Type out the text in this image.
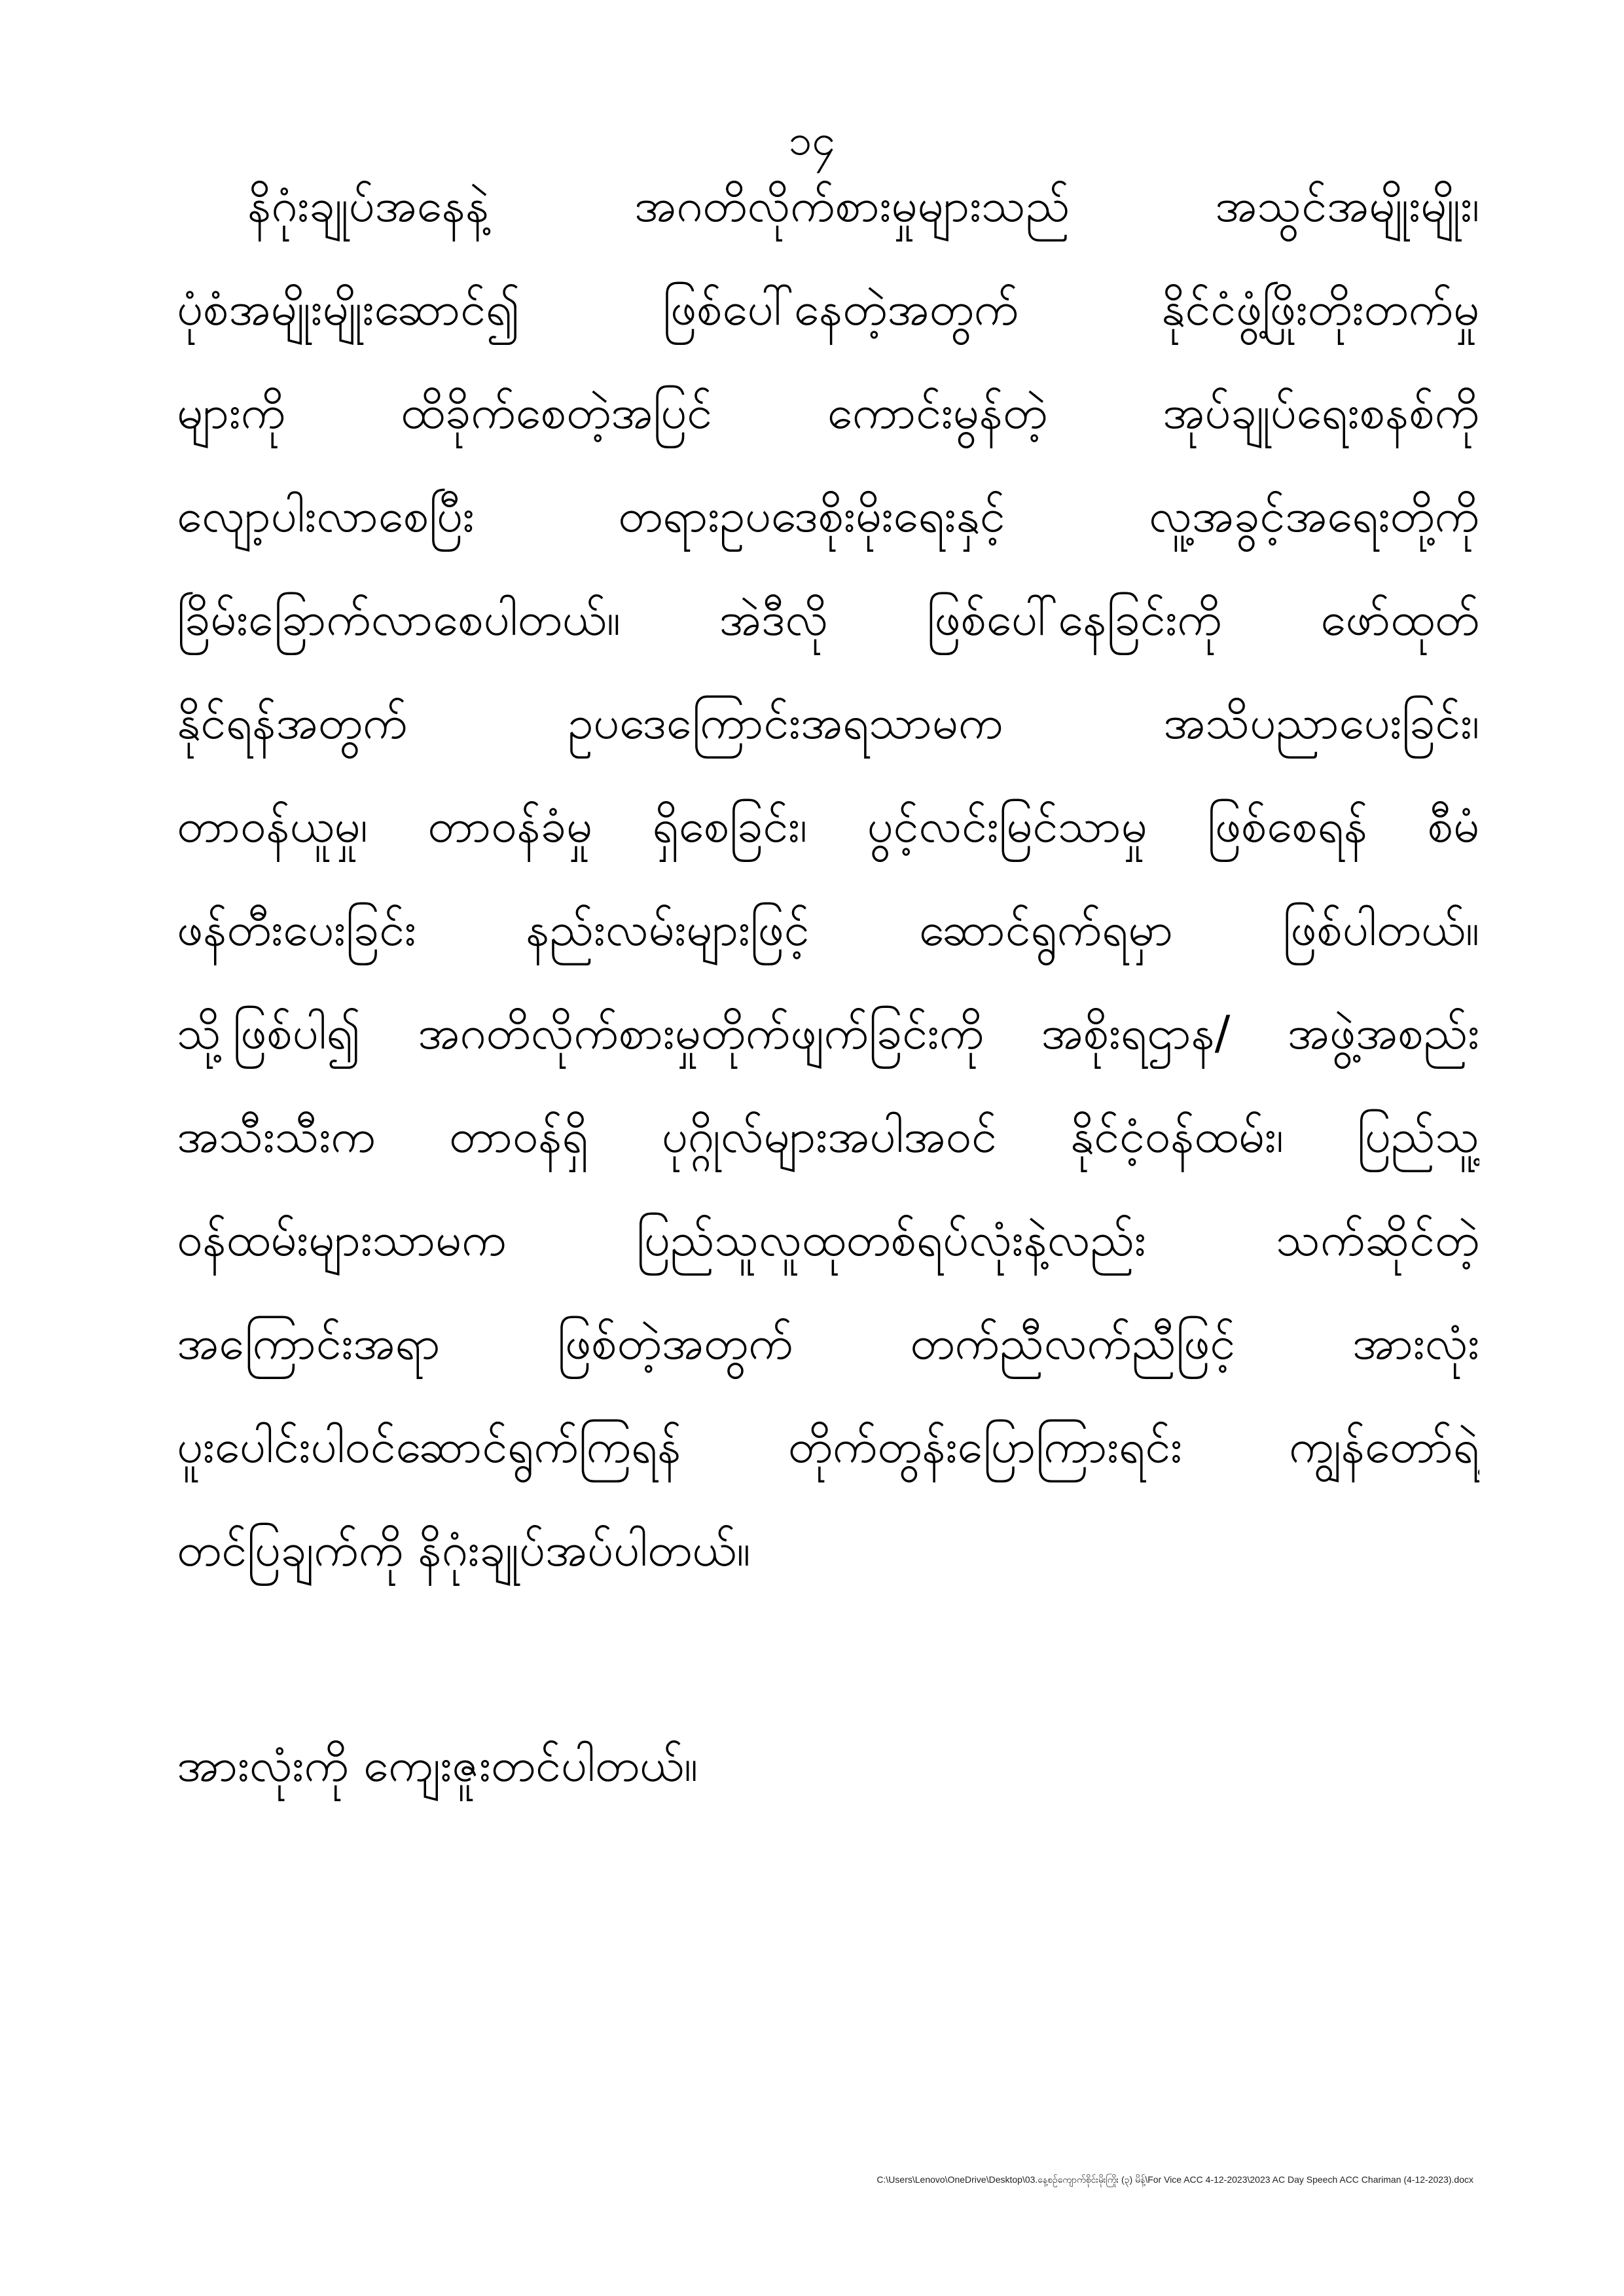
၁၄
နိဂုံးချုပ်အနေနဲ့ အဂတိလိုက်စားမှုများသည် အသွင်အမျိုးမျိုး၊
ပုံစံအမျိုးမျိုးဆောင်၍ ဖြစ်ပေါ်နေတဲ့အတွက် နိုင်ငံဖွံ့ဖြိုးတိုးတက်မှု
များကို ထိခိုက်စေတဲ့အပြင် ကောင်းမွန်တဲ့ အုပ်ချုပ်ရေးစနစ်ကို
လျော့ပါးလာစေပြီး တရားဥပဒေစိုးမိုးရေးနှင့် လူ့အခွင့်အရေးတို့ကို
ခြိမ်းခြောက်လာစေပါတယ်။ အဲဒီလို ဖြစ်ပေါ်နေခြင်းကို ဖော်ထုတ်
နိုင်ရန်အတွက် ဥပဒေကြောင်းအရသာမက အသိပညာပေးခြင်း၊
တာဝန်ယူမှု၊ တာဝန်ခံမှု ရှိစေခြင်း၊ ပွင့်လင်းမြင်သာမှု ဖြစ်စေရန် စီမံ
ဖန်တီးပေးခြင်း နည်းလမ်းများဖြင့် ဆောင်ရွက်ရမှာ ဖြစ်ပါတယ်။
သို့ဖြစ်ပါ၍ အဂတိလိုက်စားမှုတိုက်ဖျက်ခြင်းကို အစိုးရဌာန/ အဖွဲ့အစည်း
အသီးသီးက တာဝန်ရှိ ပုဂ္ဂိုလ်များအပါအဝင် နိုင်ငံ့ဝန်ထမ်း၊ ပြည်သူ့
ဝန်ထမ်းများသာမက ပြည်သူလူထုတစ်ရပ်လုံးနဲ့လည်း သက်ဆိုင်တဲ့
အကြောင်းအရာ ဖြစ်တဲ့အတွက် တက်ညီလက်ညီဖြင့် အားလုံး
ပူးပေါင်းပါဝင်ဆောင်ရွက်ကြရန် တိုက်တွန်းပြောကြားရင်း ကျွန်တော်ရဲ့
တင်ပြချက်ကို နိဂုံးချုပ်အပ်ပါတယ်။
အားလုံးကို ကျေးဇူးတင်ပါတယ်။
C:\Users\Lenovo\OneDrive\Desktop\03.နေ့စဉ်ကျောက်စိုင်းမိုးကြိုး (၃) မိန့်\For Vice ACC 4-12-2023\2023 AC Day Speech ACC Chariman (4-12-2023).docx
